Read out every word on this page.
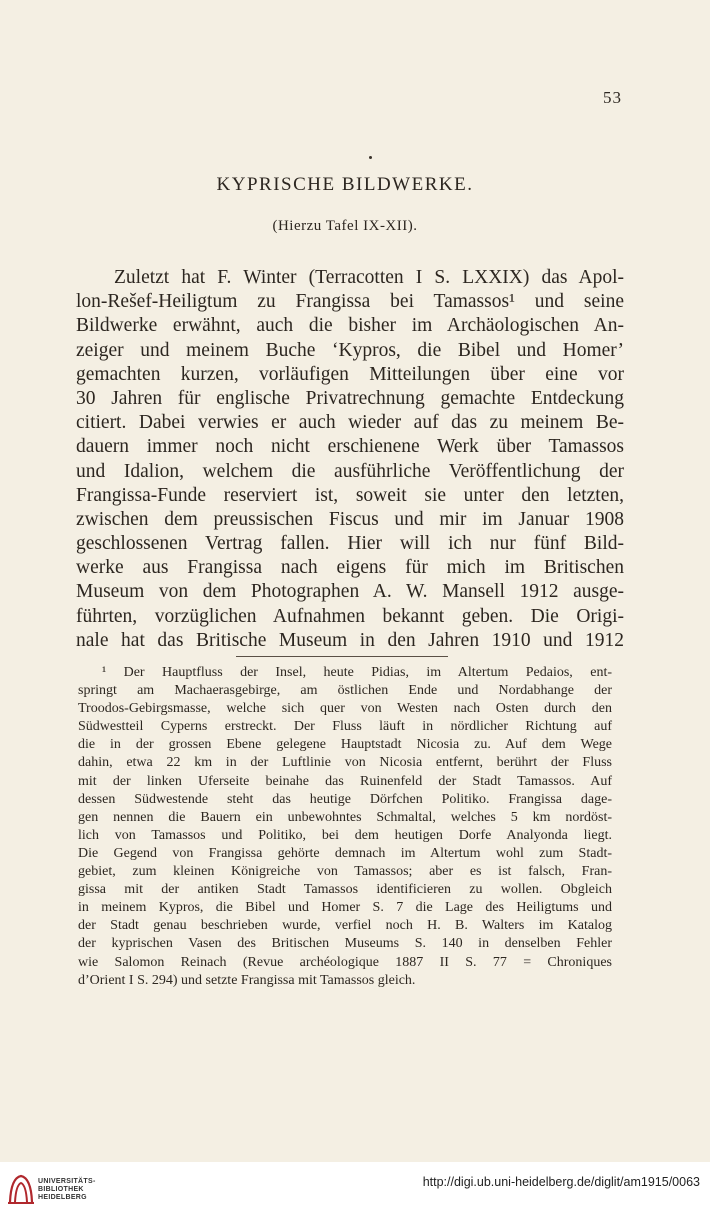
53
KYPRISCHE BILDWERKE.
(Hierzu Tafel IX-XII).
Zuletzt hat F. Winter (Terracotten I S. LXXIX) das Apol-
lon-Rešef-Heiligtum zu Frangissa bei Tamassos¹ und seine
Bildwerke erwähnt, auch die bisher im Archäologischen An-
zeiger und meinem Buche ‘Kypros, die Bibel und Homer’
gemachten kurzen, vorläufigen Mitteilungen über eine vor
30 Jahren für englische Privatrechnung gemachte Entdeckung
citiert. Dabei verwies er auch wieder auf das zu meinem Be-
dauern immer noch nicht erschienene Werk über Tamassos
und Idalion, welchem die ausführliche Veröffentlichung der
Frangissa-Funde reserviert ist, soweit sie unter den letzten,
zwischen dem preussischen Fiscus und mir im Januar 1908
geschlossenen Vertrag fallen. Hier will ich nur fünf Bild-
werke aus Frangissa nach eigens für mich im Britischen
Museum von dem Photographen A. W. Mansell 1912 ausge-
führten, vorzüglichen Aufnahmen bekannt geben. Die Origi-
nale hat das Britische Museum in den Jahren 1910 und 1912
¹ Der Hauptfluss der Insel, heute Pidias, im Altertum Pedaios, ent-
springt am Machaerasgebirge, am östlichen Ende und Nordabhange der
Troodos-Gebirgsmasse, welche sich quer von Westen nach Osten durch den
Südwestteil Cyperns erstreckt. Der Fluss läuft in nördlicher Richtung auf
die in der grossen Ebene gelegene Hauptstadt Nicosia zu. Auf dem Wege
dahin, etwa 22 km in der Luftlinie von Nicosia entfernt, berührt der Fluss
mit der linken Uferseite beinahe das Ruinenfeld der Stadt Tamassos. Auf
dessen Südwestende steht das heutige Dörfchen Politiko. Frangissa dage-
gen nennen die Bauern ein unbewohntes Schmaltal, welches 5 km nordöst-
lich von Tamassos und Politiko, bei dem heutigen Dorfe Analyonda liegt.
Die Gegend von Frangissa gehörte demnach im Altertum wohl zum Stadt-
gebiet, zum kleinen Königreiche von Tamassos; aber es ist falsch, Fran-
gissa mit der antiken Stadt Tamassos identificieren zu wollen. Obgleich
in meinem Kypros, die Bibel und Homer S. 7 die Lage des Heiligtums und
der Stadt genau beschrieben wurde, verfiel noch H. B. Walters im Katalog
der kyprischen Vasen des Britischen Museums S. 140 in denselben Fehler
wie Salomon Reinach (Revue archéologique 1887 II S. 77 = Chroniques
d’Orient I S. 294) und setzte Frangissa mit Tamassos gleich.
UNIVERSITÄTS-
BIBLIOTHEK
HEIDELBERG
http://digi.ub.uni-heidelberg.de/diglit/am1915/0063
